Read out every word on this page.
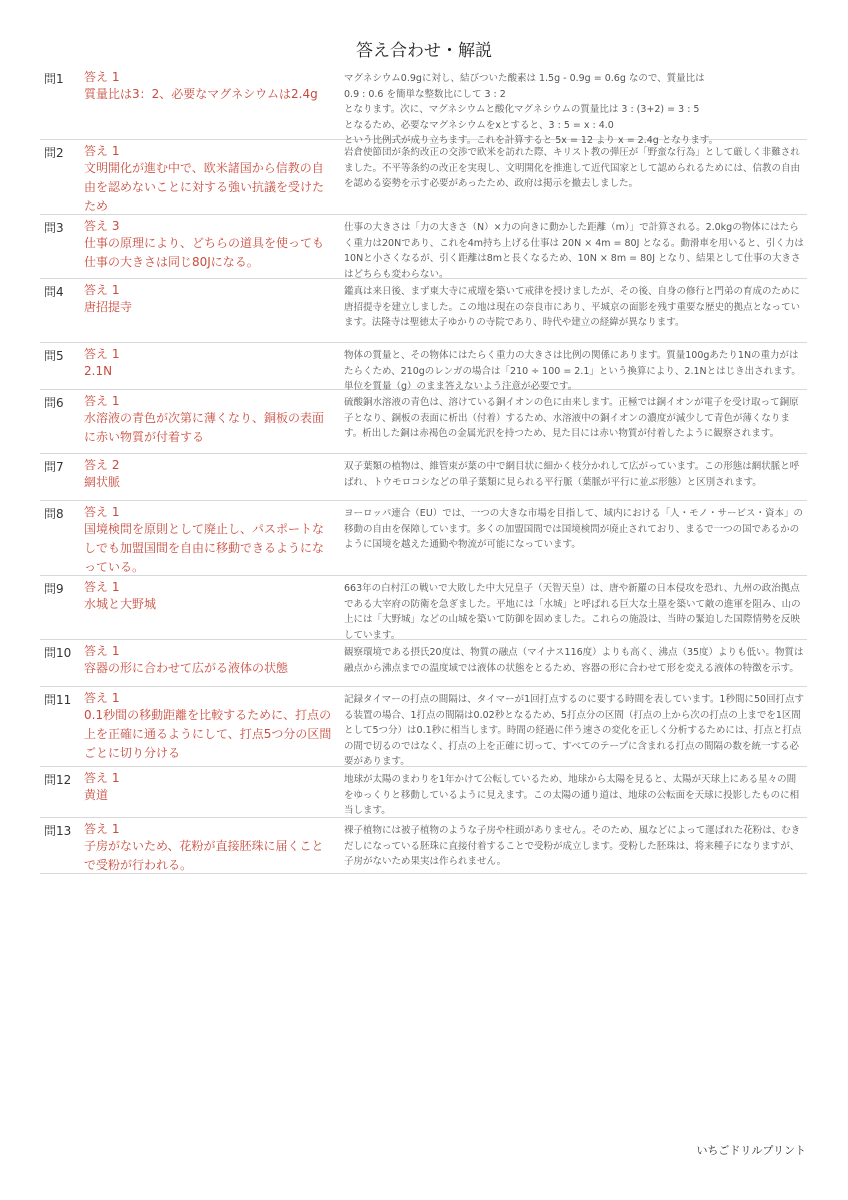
答え合わせ・解説
問1	答え 1
質量比は3：2、必要なマグネシウムは2.4g
マグネシウム0.9gに対し、結びついた酸素は 1.5g - 0.9g = 0.6g なので、質量比は
0.9 : 0.6 を簡単な整数比にして 3 : 2
となります。次に、マグネシウムと酸化マグネシウムの質量比は 3 : (3+2) = 3 : 5
となるため、必要なマグネシウムをxとすると、3 : 5 = x : 4.0
という比例式が成り立ちます。これを計算すると 5x = 12 より x = 2.4g となります。
問2	答え 1
文明開化が進む中で、欧米諸国から信教の自由を認めないことに対する強い抗議を受けたため
岩倉使節団が条約改正の交渉で欧米を訪れた際、キリスト教の弾圧が「野蛮な行為」として厳しく非難されました。不平等条約の改正を実現し、文明開化を推進して近代国家として認められるためには、信教の自由を認める姿勢を示す必要があったため、政府は掲示を撤去しました。
問3	答え 3
仕事の原理により、どちらの道具を使っても仕事の大きさは同じ80Jになる。
仕事の大きさは「力の大きさ（N）×力の向きに動かした距離（m）」で計算される。2.0kgの物体にはたらく重力は20Nであり、これを4m持ち上げる仕事は 20N × 4m = 80J となる。動滑車を用いると、引く力は10Nと小さくなるが、引く距離は8mと長くなるため、10N × 8m = 80J となり、結果として仕事の大きさはどちらも変わらない。
問4	答え 1
唐招提寺
鑑真は来日後、まず東大寺に戒壇を築いて戒律を授けましたが、その後、自身の修行と門弟の育成のために唐招提寺を建立しました。この地は現在の奈良市にあり、平城京の面影を残す重要な歴史的拠点となっています。法隆寺は聖徳太子ゆかりの寺院であり、時代や建立の経緯が異なります。
問5	答え 1
2.1N
物体の質量と、その物体にはたらく重力の大きさは比例の関係にあります。質量100gあたり1Nの重力がはたらくため、210gのレンガの場合は「210 ÷ 100 = 2.1」という換算により、2.1Nとはじき出されます。単位を質量（g）のまま答えないよう注意が必要です。
問6	答え 1
水溶液の青色が次第に薄くなり、銅板の表面に赤い物質が付着する
硫酸銅水溶液の青色は、溶けている銅イオンの色に由来します。正極では銅イオンが電子を受け取って銅原子となり、銅板の表面に析出（付着）するため、水溶液中の銅イオンの濃度が減少して青色が薄くなります。析出した銅は赤褐色の金属光沢を持つため、見た目には赤い物質が付着したように観察されます。
問7	答え 2
網状脈
双子葉類の植物は、維管束が葉の中で網目状に細かく枝分かれして広がっています。この形態は網状脈と呼ばれ、トウモロコシなどの単子葉類に見られる平行脈（葉脈が平行に並ぶ形態）と区別されます。
問8	答え 1
国境検問を原則として廃止し、パスポートなしでも加盟国間を自由に移動できるようになっている。
ヨーロッパ連合（EU）では、一つの大きな市場を目指して、域内における「人・モノ・サービス・資本」の移動の自由を保障しています。多くの加盟国間では国境検問が廃止されており、まるで一つの国であるかのように国境を越えた通勤や物流が可能になっています。
問9	答え 1
水城と大野城
663年の白村江の戦いで大敗した中大兄皇子（天智天皇）は、唐や新羅の日本侵攻を恐れ、九州の政治拠点である大宰府の防衛を急ぎました。平地には「水城」と呼ばれる巨大な土塁を築いて敵の進軍を阻み、山の上には「大野城」などの山城を築いて防御を固めました。これらの施設は、当時の緊迫した国際情勢を反映しています。
問10	答え 1
容器の形に合わせて広がる液体の状態
観察環境である摂氏20度は、物質の融点（マイナス116度）よりも高く、沸点（35度）よりも低い。物質は融点から沸点までの温度域では液体の状態をとるため、容器の形に合わせて形を変える液体の特徴を示す。
問11	答え 1
0.1秒間の移動距離を比較するために、打点の上を正確に通るようにして、打点5つ分の区間ごとに切り分ける
記録タイマーの打点の間隔は、タイマーが1回打点するのに要する時間を表しています。1秒間に50回打点する装置の場合、1打点の間隔は0.02秒となるため、5打点分の区間（打点の上から次の打点の上までを1区間として5つ分）は0.1秒に相当します。時間の経過に伴う速さの変化を正しく分析するためには、打点と打点の間で切るのではなく、打点の上を正確に切って、すべてのテープに含まれる打点の間隔の数を統一する必要があります。
問12	答え 1
黄道
地球が太陽のまわりを1年かけて公転しているため、地球から太陽を見ると、太陽が天球上にある星々の間をゆっくりと移動しているように見えます。この太陽の通り道は、地球の公転面を天球に投影したものに相当します。
問13	答え 1
子房がないため、花粉が直接胚珠に届くことで受粉が行われる。
裸子植物には被子植物のような子房や柱頭がありません。そのため、風などによって運ばれた花粉は、むきだしになっている胚珠に直接付着することで受粉が成立します。受粉した胚珠は、将来種子になりますが、子房がないため果実は作られません。
いちごドリルプリント
